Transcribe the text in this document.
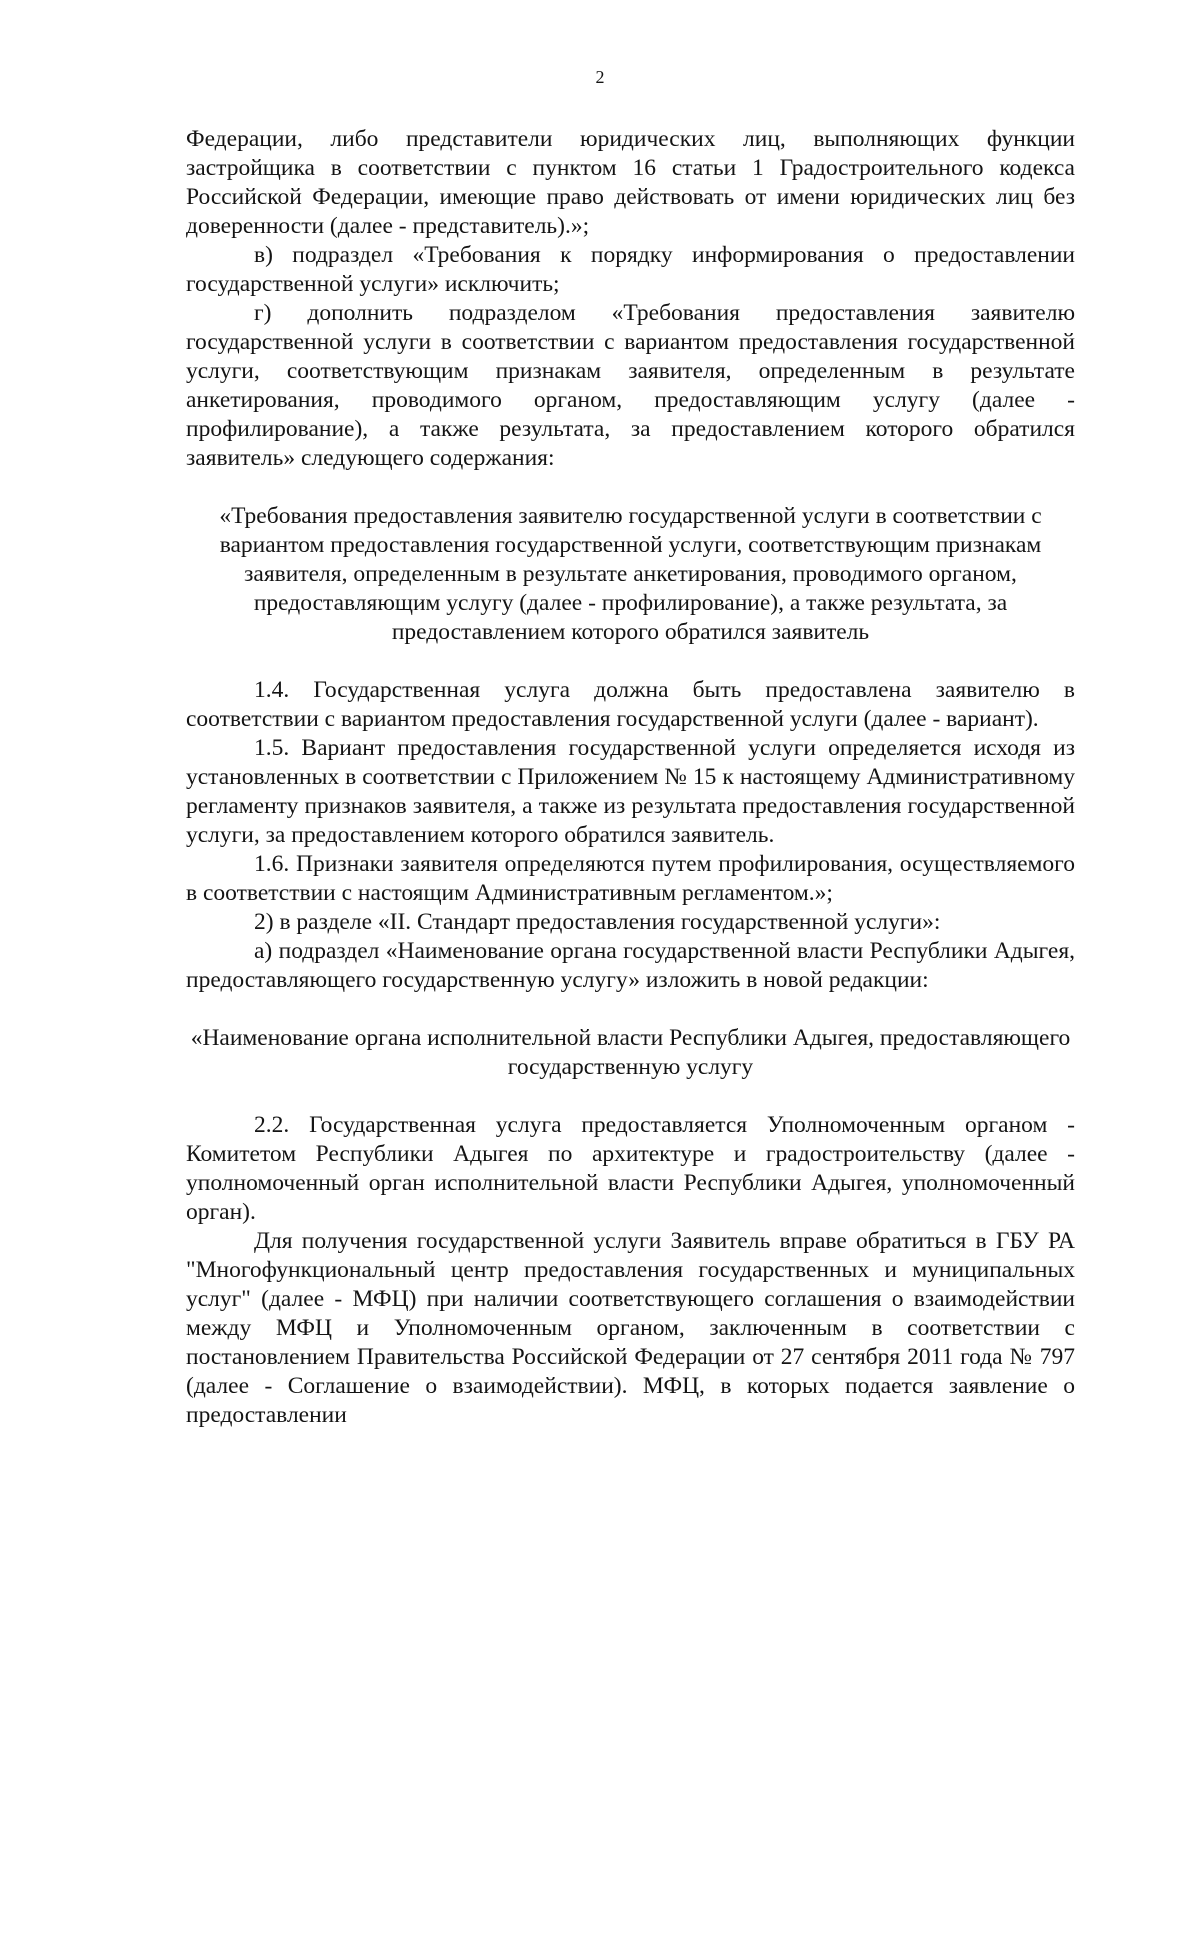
2

Федерации, либо представители юридических лиц, выполняющих функции застройщика в соответствии с пунктом 16 статьи 1 Градостроительного кодекса Российской Федерации, имеющие право действовать от имени юридических лиц без доверенности (далее - представитель).»;

в) подраздел «Требования к порядку информирования о предоставлении государственной услуги» исключить;

г) дополнить подразделом «Требования предоставления заявителю государственной услуги в соответствии с вариантом предоставления государственной услуги, соответствующим признакам заявителя, определенным в результате анкетирования, проводимого органом, предоставляющим услугу (далее - профилирование), а также результата, за предоставлением которого обратился заявитель» следующего содержания:

«Требования предоставления заявителю государственной услуги в соответствии с вариантом предоставления государственной услуги, соответствующим признакам заявителя, определенным в результате анкетирования, проводимого органом, предоставляющим услугу (далее - профилирование), а также результата, за предоставлением которого обратился заявитель

1.4. Государственная услуга должна быть предоставлена заявителю в соответствии с вариантом предоставления государственной услуги (далее - вариант).

1.5. Вариант предоставления государственной услуги определяется исходя из установленных в соответствии с Приложением № 15 к настоящему Административному регламенту признаков заявителя, а также из результата предоставления государственной услуги, за предоставлением которого обратился заявитель.

1.6. Признаки заявителя определяются путем профилирования, осуществляемого в соответствии с настоящим Административным регламентом.»;

2) в разделе «II. Стандарт предоставления государственной услуги»:

а) подраздел «Наименование органа государственной власти Республики Адыгея, предоставляющего государственную услугу» изложить в новой редакции:

«Наименование органа исполнительной власти Республики Адыгея, предоставляющего государственную услугу

2.2. Государственная услуга предоставляется Уполномоченным органом - Комитетом Республики Адыгея по архитектуре и градостроительству (далее - уполномоченный орган исполнительной власти Республики Адыгея, уполномоченный орган).

Для получения государственной услуги Заявитель вправе обратиться в ГБУ РА "Многофункциональный центр предоставления государственных и муниципальных услуг" (далее - МФЦ) при наличии соответствующего соглашения о взаимодействии между МФЦ и Уполномоченным органом, заключенным в соответствии с постановлением Правительства Российской Федерации от 27 сентября 2011 года № 797 (далее - Соглашение о взаимодействии). МФЦ, в которых подается заявление о предоставлении
